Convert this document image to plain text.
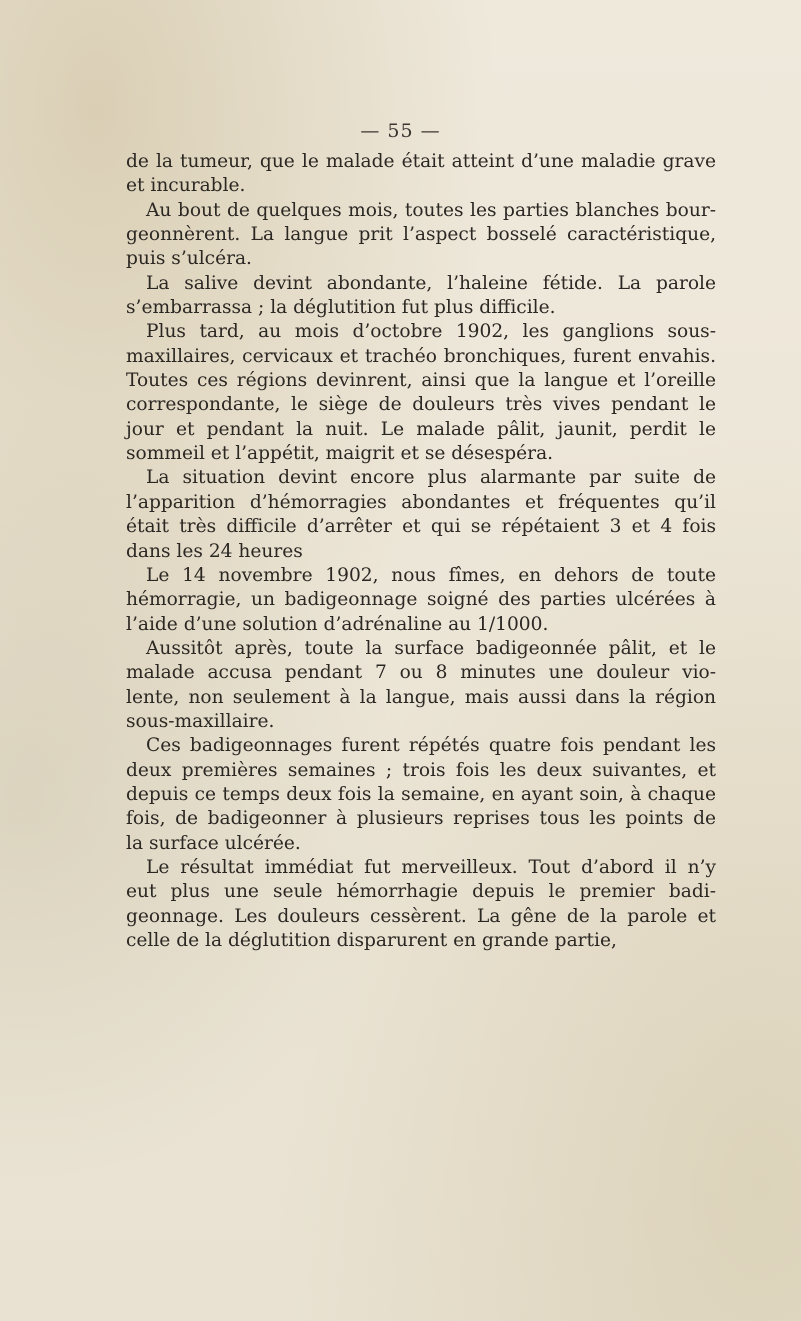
— 55 —
de la tumeur, que le malade était atteint d’une maladie grave
et incurable.
Au bout de quelques mois, toutes les parties blanches bour-
geonnèrent. La langue prit l’aspect bosselé caractéristique,
puis s’ulcéra.
La salive devint abondante, l’haleine fétide. La parole
s’embarrassa ; la déglutition fut plus difficile.
Plus tard, au mois d’octobre 1902, les ganglions sous-
maxillaires, cervicaux et trachéo bronchiques, furent envahis.
Toutes ces régions devinrent, ainsi que la langue et l’oreille
correspondante, le siège de douleurs très vives pendant le
jour et pendant la nuit. Le malade pâlit, jaunit, perdit le
sommeil et l’appétit, maigrit et se désespéra.
La situation devint encore plus alarmante par suite de
l’apparition d’hémorragies abondantes et fréquentes qu’il
était très difficile d’arrêter et qui se répétaient 3 et 4 fois
dans les 24 heures
Le 14 novembre 1902, nous fîmes, en dehors de toute
hémorragie, un badigeonnage soigné des parties ulcérées à
l’aide d’une solution d’adrénaline au 1/1000.
Aussitôt après, toute la surface badigeonnée pâlit, et le
malade accusa pendant 7 ou 8 minutes une douleur vio-
lente, non seulement à la langue, mais aussi dans la région
sous-maxillaire.
Ces badigeonnages furent répétés quatre fois pendant les
deux premières semaines ; trois fois les deux suivantes, et
depuis ce temps deux fois la semaine, en ayant soin, à chaque
fois, de badigeonner à plusieurs reprises tous les points de
la surface ulcérée.
Le résultat immédiat fut merveilleux. Tout d’abord il n’y
eut plus une seule hémorrhagie depuis le premier badi-
geonnage. Les douleurs cessèrent. La gêne de la parole et
celle de la déglutition disparurent en grande partie,
